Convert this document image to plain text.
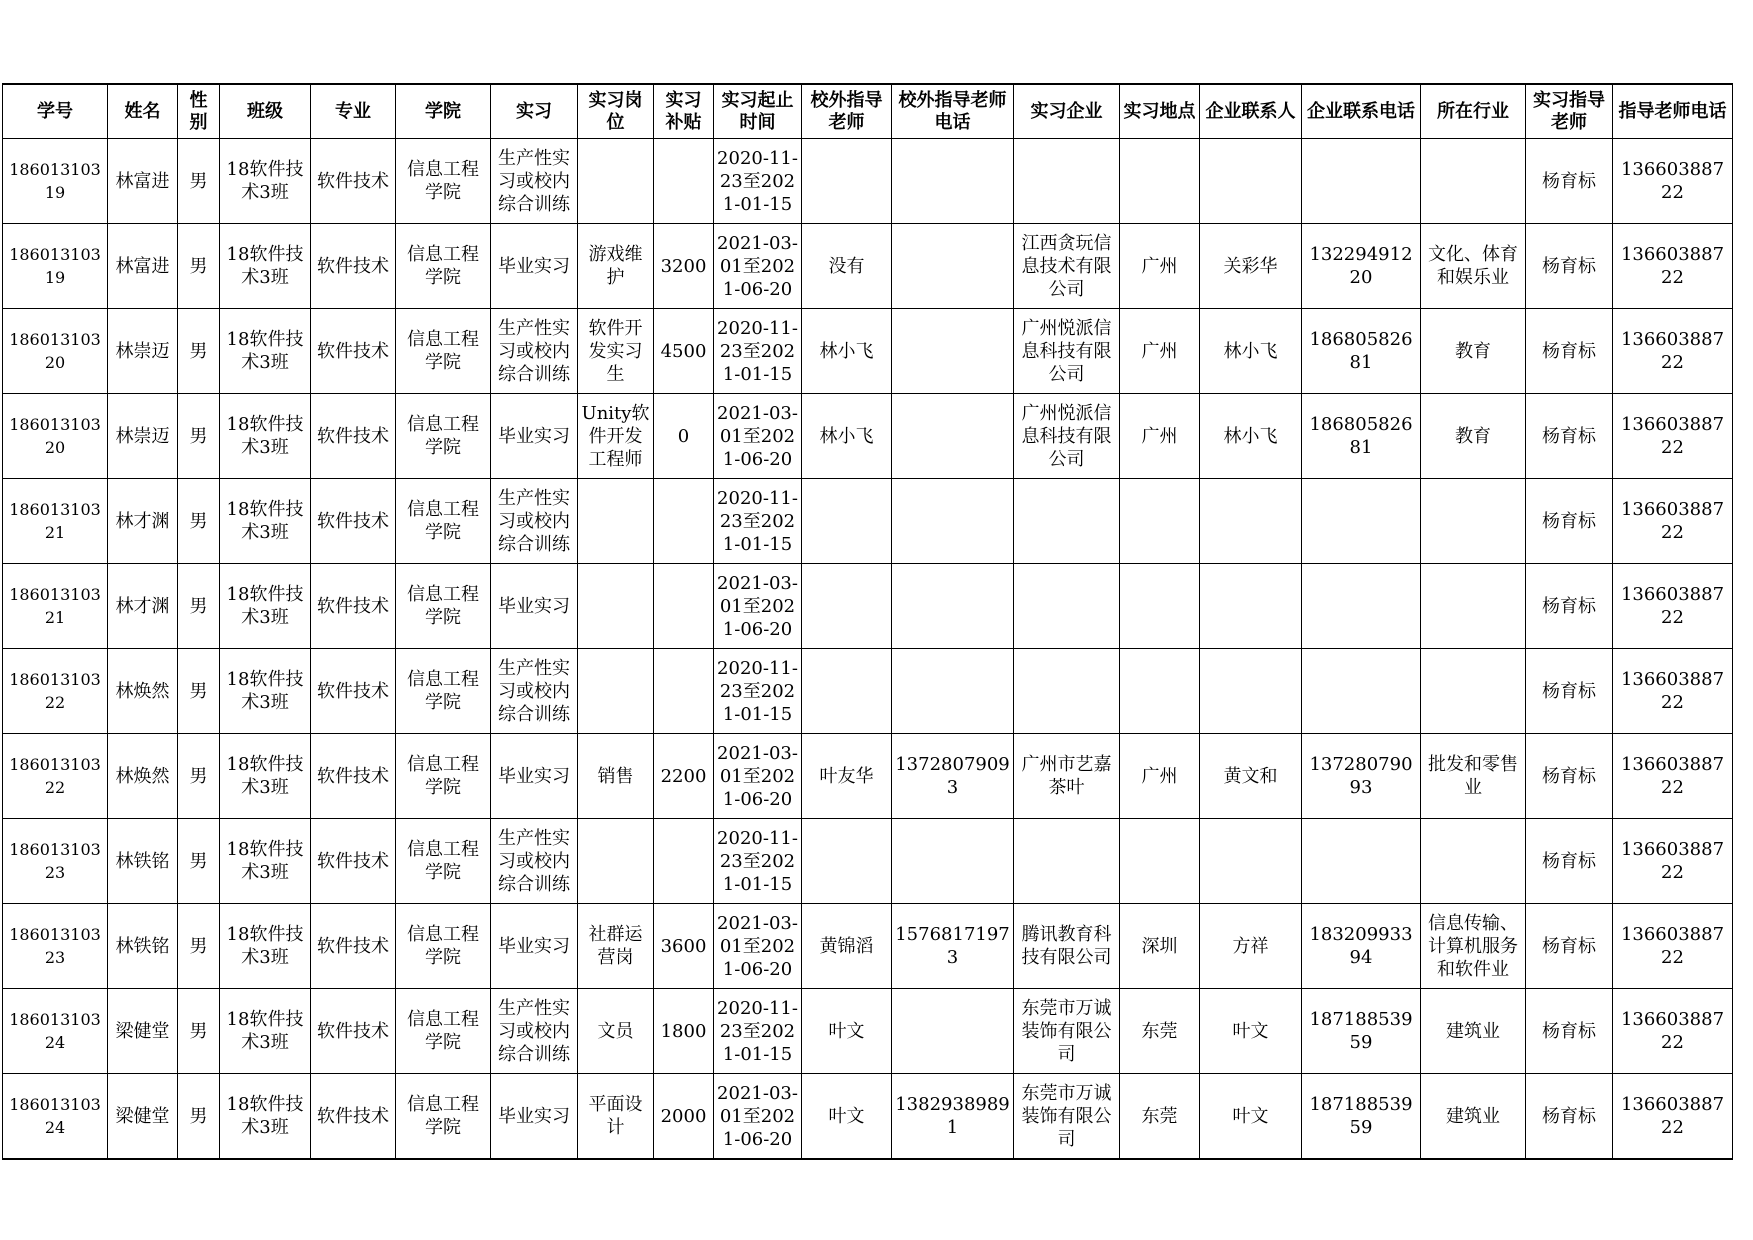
学号	姓名	性别	班级	专业	学院	实习	实习岗位	实习补贴	实习起止时间	校外指导老师	校外指导老师电话	实习企业	实习地点	企业联系人	企业联系电话	所在行业	实习指导老师	指导老师电话

18601310319	林富进	男	18软件技术3班	软件技术	信息工程学院	生产性实习或校内综合训练			2020-11-23至2021-01-15								杨育标	13660388722

18601310319	林富进	男	18软件技术3班	软件技术	信息工程学院	毕业实习	游戏维护	3200	2021-03-01至2021-06-20	没有		江西贪玩信息技术有限公司	广州	关彩华	13229491220	文化、体育和娱乐业	杨育标	13660388722

18601310320	林崇迈	男	18软件技术3班	软件技术	信息工程学院	生产性实习或校内综合训练	软件开发实习生	4500	2020-11-23至2021-01-15	林小飞		广州悦派信息科技有限公司	广州	林小飞	18680582681	教育	杨育标	13660388722

18601310320	林崇迈	男	18软件技术3班	软件技术	信息工程学院	毕业实习	Unity软件开发工程师	0	2021-03-01至2021-06-20	林小飞		广州悦派信息科技有限公司	广州	林小飞	18680582681	教育	杨育标	13660388722

18601310321	林才渊	男	18软件技术3班	软件技术	信息工程学院	生产性实习或校内综合训练			2020-11-23至2021-01-15								杨育标	13660388722

18601310321	林才渊	男	18软件技术3班	软件技术	信息工程学院	毕业实习			2021-03-01至2021-06-20								杨育标	13660388722

18601310322	林焕然	男	18软件技术3班	软件技术	信息工程学院	生产性实习或校内综合训练			2020-11-23至2021-01-15								杨育标	13660388722

18601310322	林焕然	男	18软件技术3班	软件技术	信息工程学院	毕业实习	销售	2200	2021-03-01至2021-06-20	叶友华	13728079093	广州市艺嘉茶叶	广州	黄文和	13728079093	批发和零售业	杨育标	13660388722

18601310323	林铁铭	男	18软件技术3班	软件技术	信息工程学院	生产性实习或校内综合训练			2020-11-23至2021-01-15								杨育标	13660388722

18601310323	林铁铭	男	18软件技术3班	软件技术	信息工程学院	毕业实习	社群运营岗	3600	2021-03-01至2021-06-20	黄锦滔	15768171973	腾讯教育科技有限公司	深圳	方祥	18320993394	信息传输、计算机服务和软件业	杨育标	13660388722

18601310324	梁健堂	男	18软件技术3班	软件技术	信息工程学院	生产性实习或校内综合训练	文员	1800	2020-11-23至2021-01-15	叶文		东莞市万诚装饰有限公司	东莞	叶文	18718853959	建筑业	杨育标	13660388722

18601310324	梁健堂	男	18软件技术3班	软件技术	信息工程学院	毕业实习	平面设计	2000	2021-03-01至2021-06-20	叶文	13829389891	东莞市万诚装饰有限公司	东莞	叶文	18718853959	建筑业	杨育标	13660388722
